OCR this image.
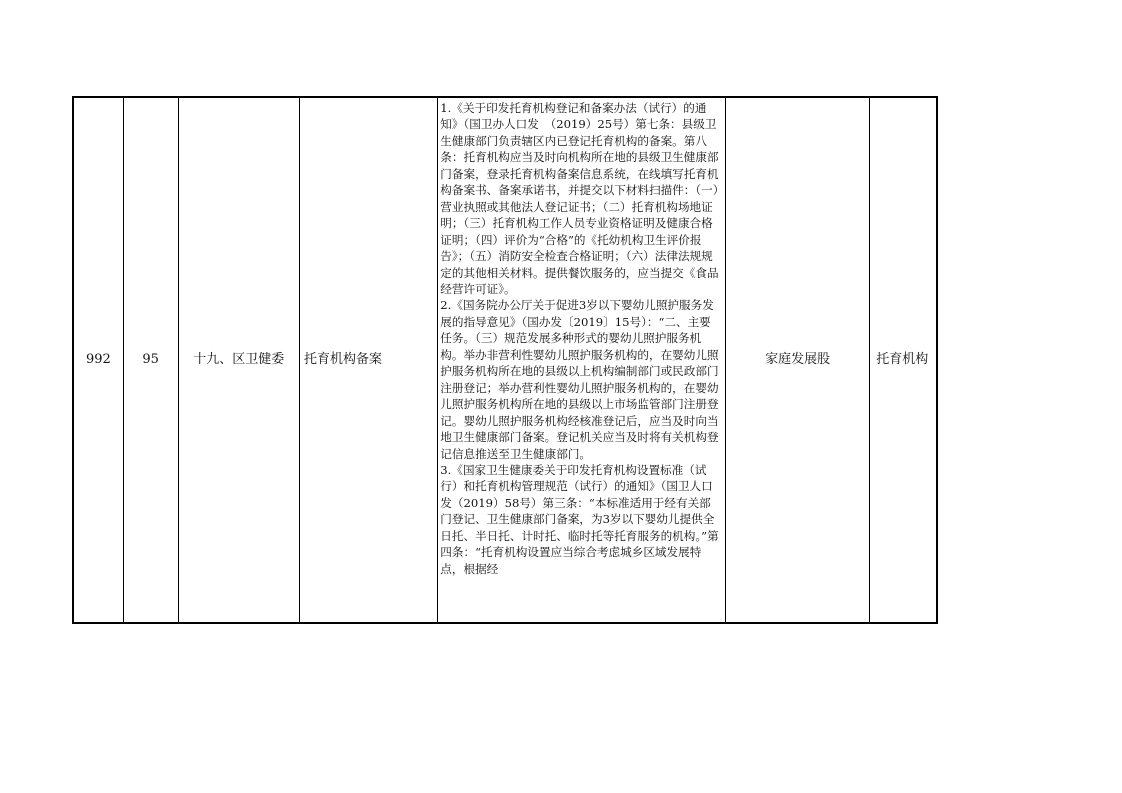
992 95	十九、区卫健委 托育机构备案

1.《关于印发托育机构登记和备案办法（试行）的通知》（国卫办人口发　（2019）25号）第七条：县级卫生健康部门负责辖区内已登记托育机构的备案。第八条：托育机构应当及时向机构所在地的县级卫生健康部门备案，登录托育机构备案信息系统，在线填写托育机构备案书、备案承诺书，并提交以下材料扫描件：（一）营业执照或其他法人登记证书；（二）托育机构场地证明；（三）托育机构工作人员专业资格证明及健康合格证明；（四）评价为“合格”的《托幼机构卫生评价报告》；（五）消防安全检查合格证明；（六）法律法规规定的其他相关材料。提供餐饮服务的，应当提交《食品经营许可证》。

2.《国务院办公厅关于促进3岁以下婴幼儿照护服务发展的指导意见》（国办发〔2019〕15号）：“二、主要任务。（三）规范发展多种形式的婴幼儿照护服务机构。举办非营利性婴幼儿照护服务机构的，在婴幼儿照护服务机构所在地的县级以上机构编制部门或民政部门注册登记；举办营利性婴幼儿照护服务机构的，在婴幼儿照护服务机构所在地的县级以上市场监管部门注册登记。婴幼儿照护服务机构经核准登记后，应当及时向当地卫生健康部门备案。登记机关应当及时将有关机构登记信息推送至卫生健康部门。

3.《国家卫生健康委关于印发托育机构设置标准（试行）和托育机构管理规范（试行）的通知》（国卫人口发（2019）58号）第三条：“本标准适用于经有关部门登记、卫生健康部门备案，为3岁以下婴幼儿提供全日托、半日托、计时托、临时托等托育服务的机构。”第四条：“托育机构设置应当综合考虑城乡区域发展特点，根据经

家庭发展股	托育机构
